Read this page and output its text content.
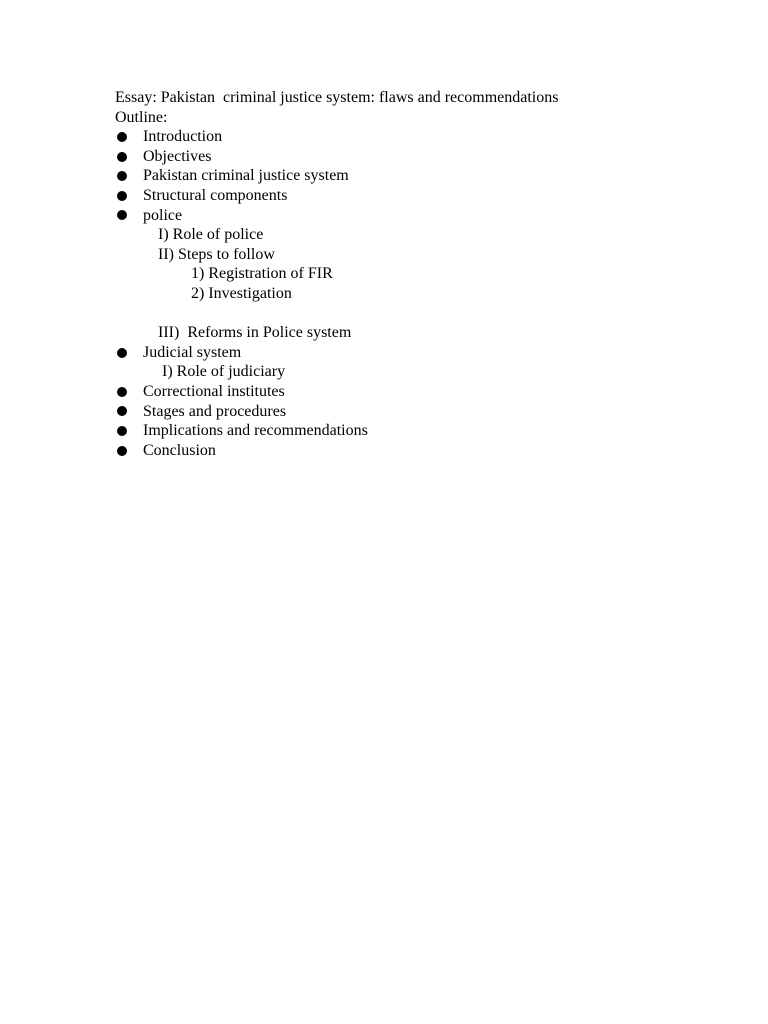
Essay: Pakistan  criminal justice system: flaws and recommendations
Outline:
Introduction
Objectives
Pakistan criminal justice system
Structural components
police
I) Role of police
II) Steps to follow
1) Registration of FIR
2) Investigation
III)  Reforms in Police system
Judicial system
I) Role of judiciary
Correctional institutes
Stages and procedures
Implications and recommendations
Conclusion
